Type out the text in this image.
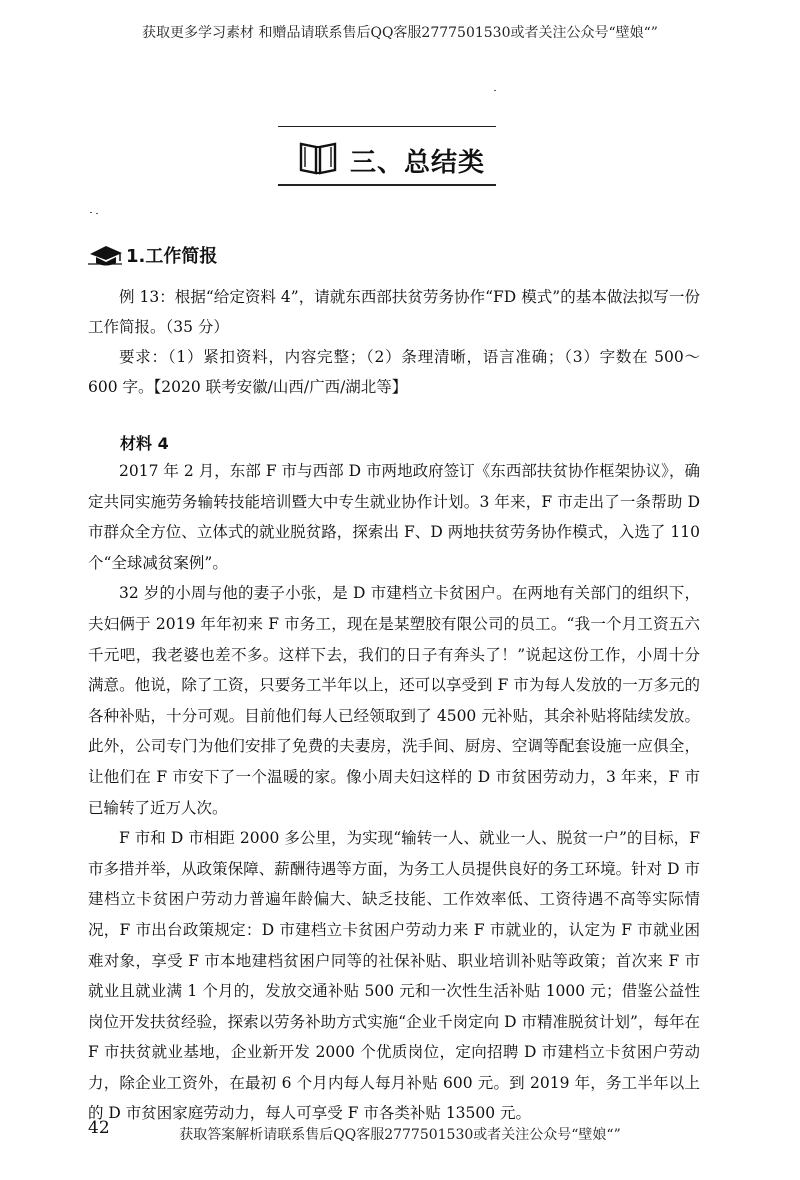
获取更多学习素材 和赠品请联系售后QQ客服2777501530或者关注公众号“壁娘“”
三、总结类
1.工作简报

例 13：根据“给定资料 4”，请就东西部扶贫劳务协作“FD 模式”的基本做法拟写一份工作简报。（35 分）

要求：（1）紧扣资料，内容完整；（2）条理清晰，语言准确；（3）字数在 500～600 字。【2020 联考安徽/山西/广西/湖北等】

材料 4

2017 年 2 月，东部 F 市与西部 D 市两地政府签订《东西部扶贫协作框架协议》，确定共同实施劳务输转技能培训暨大中专生就业协作计划。3 年来，F 市走出了一条帮助 D 市群众全方位、立体式的就业脱贫路，探索出 F、D 两地扶贫劳务协作模式，入选了 110 个“全球减贫案例”。

32 岁的小周与他的妻子小张，是 D 市建档立卡贫困户。在两地有关部门的组织下，夫妇俩于 2019 年年初来 F 市务工，现在是某塑胶有限公司的员工。“我一个月工资五六千元吧，我老婆也差不多。这样下去，我们的日子有奔头了！”说起这份工作，小周十分满意。他说，除了工资，只要务工半年以上，还可以享受到 F 市为每人发放的一万多元的各种补贴，十分可观。目前他们每人已经领取到了 4500 元补贴，其余补贴将陆续发放。此外，公司专门为他们安排了免费的夫妻房，洗手间、厨房、空调等配套设施一应俱全，让他们在 F 市安下了一个温暖的家。像小周夫妇这样的 D 市贫困劳动力，3 年来，F 市已输转了近万人次。

F 市和 D 市相距 2000 多公里，为实现“输转一人、就业一人、脱贫一户”的目标，F 市多措并举，从政策保障、薪酬待遇等方面，为务工人员提供良好的务工环境。针对 D 市建档立卡贫困户劳动力普遍年龄偏大、缺乏技能、工作效率低、工资待遇不高等实际情况，F 市出台政策规定：D 市建档立卡贫困户劳动力来 F 市就业的，认定为 F 市就业困难对象，享受 F 市本地建档贫困户同等的社保补贴、职业培训补贴等政策；首次来 F 市就业且就业满 1 个月的，发放交通补贴 500 元和一次性生活补贴 1000 元；借鉴公益性岗位开发扶贫经验，探索以劳务补助方式实施“企业千岗定向 D 市精准脱贫计划”，每年在 F 市扶贫就业基地，企业新开发 2000 个优质岗位，定向招聘 D 市建档立卡贫困户劳动力，除企业工资外，在最初 6 个月内每人每月补贴 600 元。到 2019 年，务工半年以上的 D 市贫困家庭劳动力，每人可享受 F 市各类补贴 13500 元。

42	获取答案解析请联系售后QQ客服2777501530或者关注公众号“壁娘“”
